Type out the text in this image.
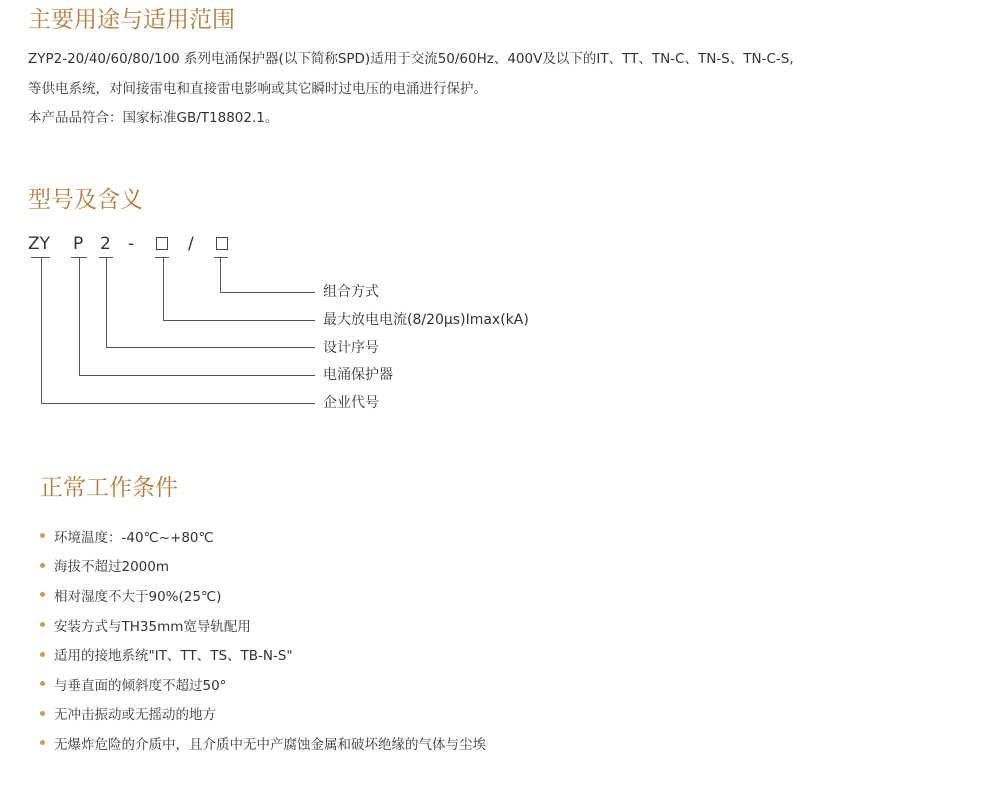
主要用途与适用范围

ZYP2-20/40/60/80/100 系列电涌保护器(以下简称SPD)适用于交流50/60Hz、400V及以下的IT、TT、TN-C、TN-S、TN-C-S,

等供电系统，对间接雷电和直接雷电影响或其它瞬时过电压的电涌进行保护。

本产品品符合：国家标准GB/T18802.1。

型号及含义
ZY P 2 -	/
组合方式
最大放电电流(8/20μs)Imax(kA)
设计序号
电涌保护器
企业代号
正常工作条件
环境温度：-40℃~+80℃
海拔不超过2000m
相对湿度不大于90%(25℃)
安装方式与TH35mm宽导轨配用
适用的接地系统"IT、TT、TS、TB-N-S"
与垂直面的倾斜度不超过50°
无冲击振动或无摇动的地方
无爆炸危险的介质中，且介质中无中产腐蚀金属和破坏绝缘的气体与尘埃
